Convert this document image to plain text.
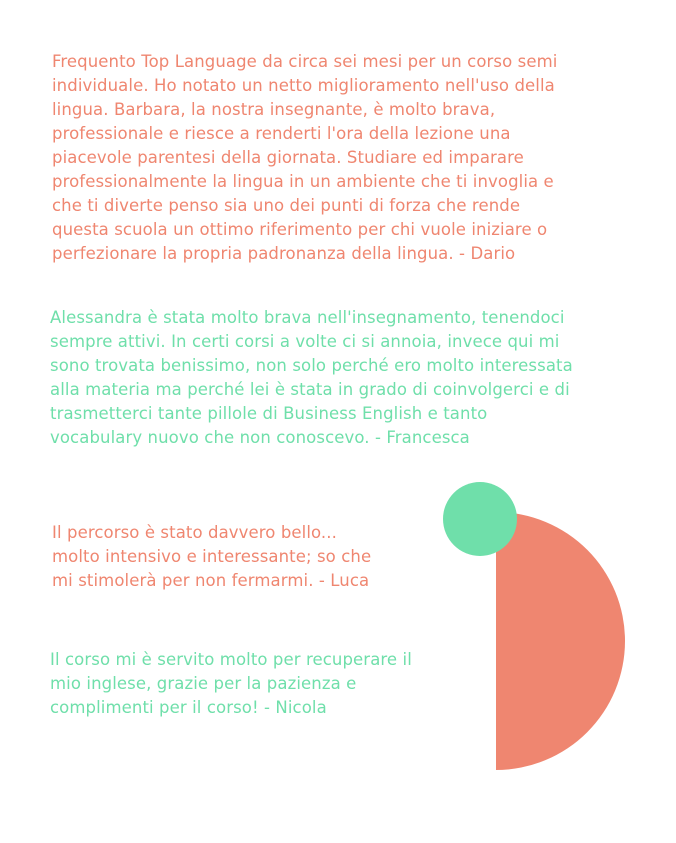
Frequento Top Language da circa sei mesi per un corso semi
individuale. Ho notato un netto miglioramento nell'uso della
lingua. Barbara, la nostra insegnante, è molto brava,
professionale e riesce a renderti l'ora della lezione una
piacevole parentesi della giornata. Studiare ed imparare
professionalmente la lingua in un ambiente che ti invoglia e
che ti diverte penso sia uno dei punti di forza che rende
questa scuola un ottimo riferimento per chi vuole iniziare o
perfezionare la propria padronanza della lingua. - Dario

Alessandra è stata molto brava nell'insegnamento, tenendoci
sempre attivi. In certi corsi a volte ci si annoia, invece qui mi
sono trovata benissimo, non solo perché ero molto interessata
alla materia ma perché lei è stata in grado di coinvolgerci e di
trasmetterci tante pillole di Business English e tanto
vocabulary nuovo che non conoscevo. - Francesca

Il percorso è stato davvero bello...
molto intensivo e interessante; so che
mi stimolerà per non fermarmi. - Luca

Il corso mi è servito molto per recuperare il
mio inglese, grazie per la pazienza e
complimenti per il corso! - Nicola
